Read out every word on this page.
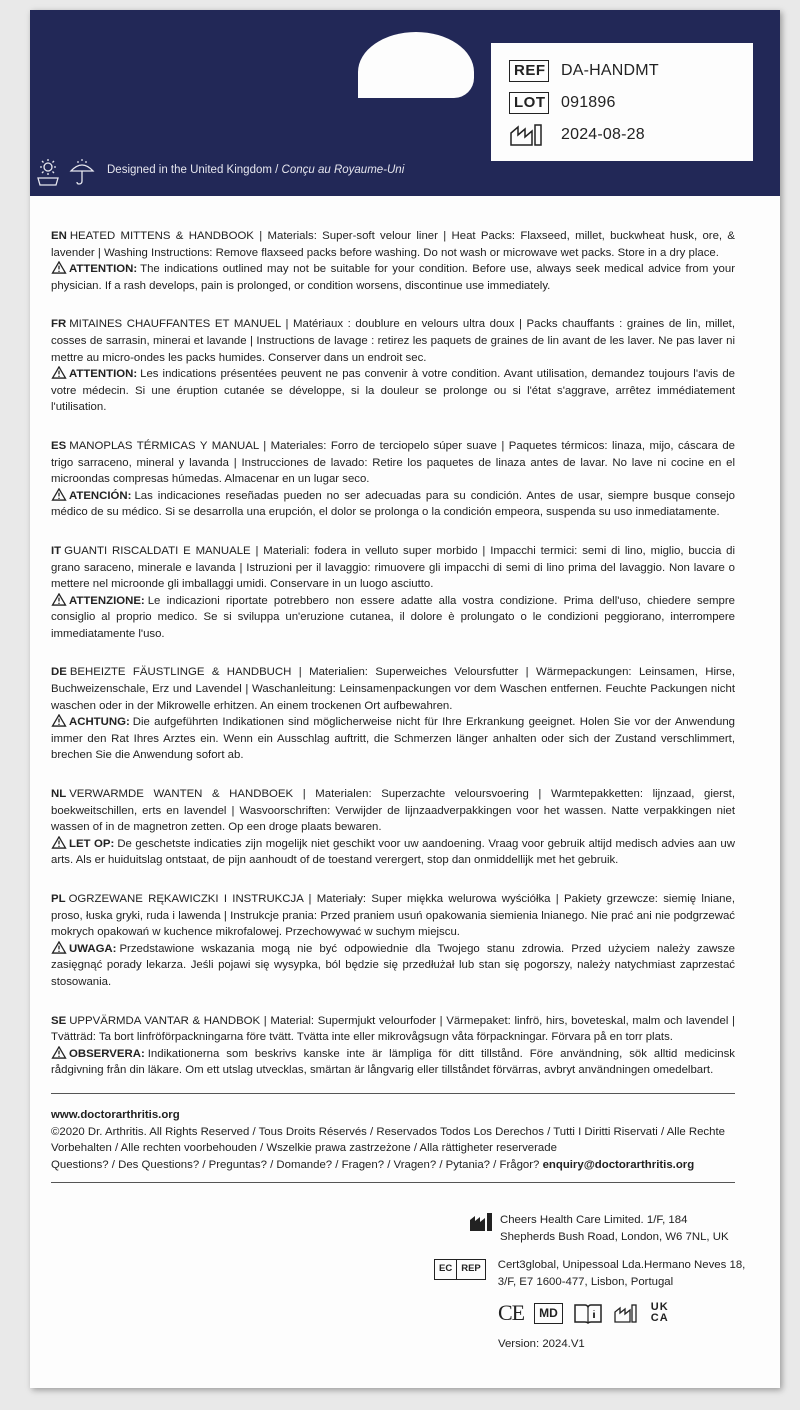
REF DA-HANDMT
LOT 091896
2024-08-28
Designed in the United Kingdom / Conçu au Royaume-Uni
EN HEATED MITTENS & HANDBOOK | Materials: Super-soft velour liner | Heat Packs: Flaxseed, millet, buckwheat husk, ore, & lavender | Washing Instructions: Remove flaxseed packs before washing. Do not wash or microwave wet packs. Store in a dry place.
ATTENTION: The indications outlined may not be suitable for your condition. Before use, always seek medical advice from your physician. If a rash develops, pain is prolonged, or condition worsens, discontinue use immediately.
FR MITAINES CHAUFFANTES ET MANUEL | Matériaux : doublure en velours ultra doux | Packs chauffants : graines de lin, millet, cosses de sarrasin, minerai et lavande | Instructions de lavage : retirez les paquets de graines de lin avant de les laver. Ne pas laver ni mettre au micro-ondes les packs humides. Conserver dans un endroit sec.
ATTENTION: Les indications présentées peuvent ne pas convenir à votre condition. Avant utilisation, demandez toujours l'avis de votre médecin. Si une éruption cutanée se développe, si la douleur se prolonge ou si l'état s'aggrave, arrêtez immédiatement l'utilisation.
ES MANOPLAS TÉRMICAS Y MANUAL | Materiales: Forro de terciopelo súper suave | Paquetes térmicos: linaza, mijo, cáscara de trigo sarraceno, mineral y lavanda | Instrucciones de lavado: Retire los paquetes de linaza antes de lavar. No lave ni cocine en el microondas compresas húmedas. Almacenar en un lugar seco.
ATENCIÓN: Las indicaciones reseñadas pueden no ser adecuadas para su condición. Antes de usar, siempre busque consejo médico de su médico. Si se desarrolla una erupción, el dolor se prolonga o la condición empeora, suspenda su uso inmediatamente.
IT GUANTI RISCALDATI E MANUALE | Materiali: fodera in velluto super morbido | Impacchi termici: semi di lino, miglio, buccia di grano saraceno, minerale e lavanda | Istruzioni per il lavaggio: rimuovere gli impacchi di semi di lino prima del lavaggio. Non lavare o mettere nel microonde gli imballaggi umidi. Conservare in un luogo asciutto.
ATTENZIONE: Le indicazioni riportate potrebbero non essere adatte alla vostra condizione. Prima dell'uso, chiedere sempre consiglio al proprio medico. Se si sviluppa un'eruzione cutanea, il dolore è prolungato o le condizioni peggiorano, interrompere immediatamente l'uso.
DE BEHEIZTE FÄUSTLINGE & HANDBUCH | Materialien: Superweiches Veloursfutter | Wärmepackungen: Leinsamen, Hirse, Buchweizenschale, Erz und Lavendel | Waschanleitung: Leinsamenpackungen vor dem Waschen entfernen. Feuchte Packungen nicht waschen oder in der Mikrowelle erhitzen. An einem trockenen Ort aufbewahren.
ACHTUNG: Die aufgeführten Indikationen sind möglicherweise nicht für Ihre Erkrankung geeignet. Holen Sie vor der Anwendung immer den Rat Ihres Arztes ein. Wenn ein Ausschlag auftritt, die Schmerzen länger anhalten oder sich der Zustand verschlimmert, brechen Sie die Anwendung sofort ab.
NL VERWARMDE WANTEN & HANDBOEK | Materialen: Superzachte veloursvoering | Warmtepakketten: lijnzaad, gierst, boekweitschillen, erts en lavendel | Wasvoorschriften: Verwijder de lijnzaadverpakkingen voor het wassen. Natte verpakkingen niet wassen of in de magnetron zetten. Op een droge plaats bewaren.
LET OP: De geschetste indicaties zijn mogelijk niet geschikt voor uw aandoening. Vraag voor gebruik altijd medisch advies aan uw arts. Als er huiduitslag ontstaat, de pijn aanhoudt of de toestand verergert, stop dan onmiddellijk met het gebruik.
PL OGRZEWANE RĘKAWICZKI I INSTRUKCJA | Materiały: Super miękka welurowa wyściółka | Pakiety grzewcze: siemię lniane, proso, łuska gryki, ruda i lawenda | Instrukcje prania: Przed praniem usuń opakowania siemienia lnianego. Nie prać ani nie podgrzewać mokrych opakowań w kuchence mikrofalowej. Przechowywać w suchym miejscu.
UWAGA: Przedstawione wskazania mogą nie być odpowiednie dla Twojego stanu zdrowia. Przed użyciem należy zawsze zasięgnąć porady lekarza. Jeśli pojawi się wysypka, ból będzie się przedłużał lub stan się pogorszy, należy natychmiast zaprzestać stosowania.
SE UPPVÄRMDA VANTAR & HANDBOK | Material: Supermjukt velourfoder | Värmepaket: linfrö, hirs, boveteskal, malm och lavendel | Tvätträd: Ta bort linfröförpackningarna före tvätt. Tvätta inte eller mikrovågsugn våta förpackningar. Förvara på en torr plats.
OBSERVERA: Indikationerna som beskrivs kanske inte är lämpliga för ditt tillstånd. Före användning, sök alltid medicinsk rådgivning från din läkare. Om ett utslag utvecklas, smärtan är långvarig eller tillståndet förvärras, avbryt användningen omedelbart.
www.doctorarthritis.org
©2020 Dr. Arthritis. All Rights Reserved / Tous Droits Réservés / Reservados Todos Los Derechos / Tutti I Diritti Riservati / Alle Rechte Vorbehalten / Alle rechten voorbehouden / Wszelkie prawa zastrzeżone / Alla rättigheter reserverade
Questions? / Des Questions? / Preguntas? / Domande? / Fragen? / Vragen? / Pytania? / Frågor? enquiry@doctorarthritis.org
Cheers Health Care Limited. 1/F, 184
Shepherds Bush Road, London, W6 7NL, UK
EC REP	Cert3global, Unipessoal Lda.Hermano Neves 18,
3/F, E7 1600-477, Lisbon, Portugal
CE	MD	UK
CA
Version: 2024.V1
